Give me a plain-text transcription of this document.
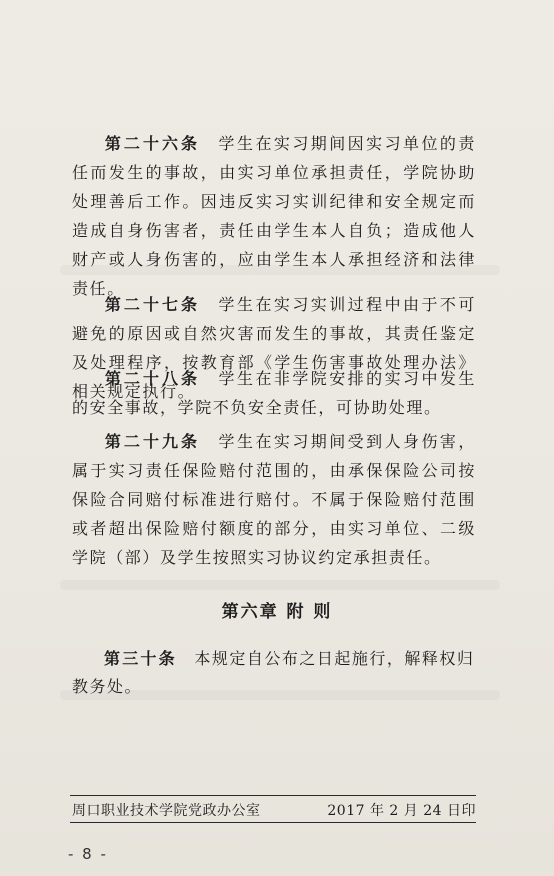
第二十六条　 学生在实习期间因实习单位的责任而发生的事故，由实习单位承担责任，学院协助处理善后工作。因违反实习实训纪律和安全规定而造成自身伤害者，责任由学生本人自负；造成他人财产或人身伤害的，应由学生本人承担经济和法律责任。
第二十七条　 学生在实习实训过程中由于不可避免的原因或自然灾害而发生的事故，其责任鉴定及处理程序，按教育部《学生伤害事故处理办法》相关规定执行。
第二十八条　 学生在非学院安排的实习中发生的安全事故，学院不负安全责任，可协助处理。
第二十九条　 学生在实习期间受到人身伤害，属于实习责任保险赔付范围的，由承保保险公司按保险合同赔付标准进行赔付。不属于保险赔付范围或者超出保险赔付额度的部分，由实习单位、二级学院（部）及学生按照实习协议约定承担责任。
第六章 附 则
第三十条　 本规定自公布之日起施行，解释权归教务处。
周口职业技术学院党政办公室	2017 年 2 月 24 日印
- 8 -
